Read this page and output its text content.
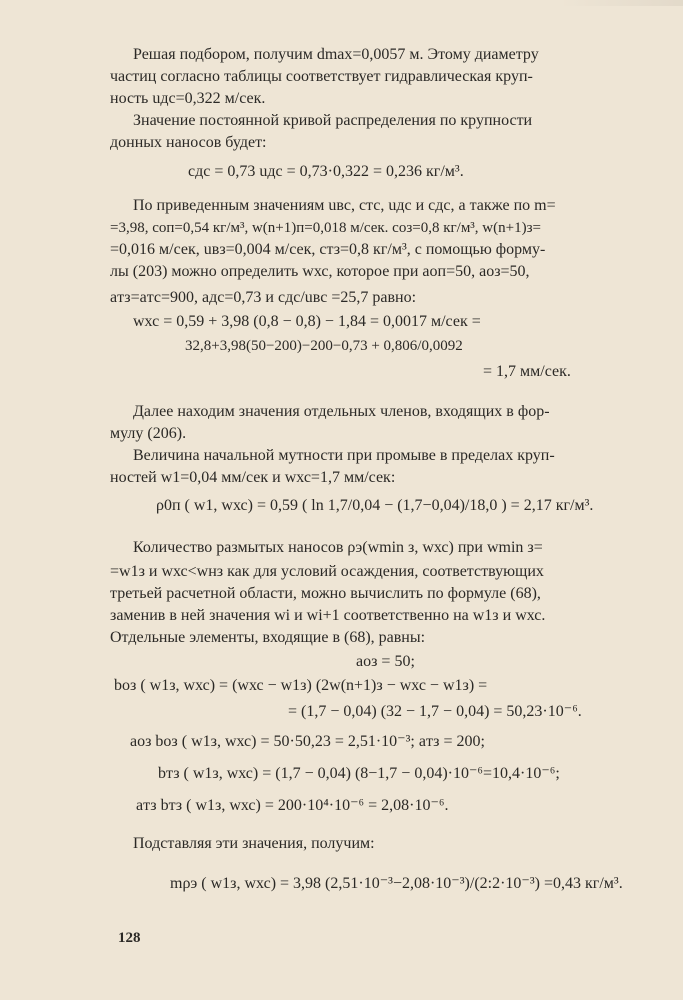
Решая подбором, получим dmax=0,0057 м. Этому диаметру
частиц согласно таблицы соответствует гидравлическая круп-
ность uдс=0,322 м/сек.
Значение постоянной кривой распределения по крупности
донных наносов будет:
cдс = 0,73 uдс = 0,73·0,322 = 0,236 кг/м³.
По приведенным значениям uвс, cтс, uдс и cдс, а также по m=
=3,98, cоп=0,54 кг/м³, w(n+1)п=0,018 м/сек. cоз=0,8 кг/м³, w(n+1)з=
=0,016 м/сек, uвз=0,004 м/сек, cтз=0,8 кг/м³, с помощью форму-
лы (203) можно определить wхс, которое при aоп=50, aоз=50,
aтз=aтс=900, aдс=0,73 и cдс/uвс =25,7 равно:
wхс = 0,59 + 3,98 (0,8 − 0,8) − 1,84 = 0,0017 м/сек =
32,8+3,98(50−200)−200−0,73 + 0,806/0,0092
= 1,7 мм/сек.
Далее находим значения отдельных членов, входящих в фор-
мулу (206).
Величина начальной мутности при промыве в пределах круп-
ностей w1=0,04 мм/сек и wхс=1,7 мм/сек:
ρ0п ( w1, wхс) = 0,59 ( ln 1,7/0,04 − (1,7−0,04)/18,0 ) = 2,17 кг/м³.
Количество размытых наносов ρэ(wmin з, wхс) при wmin з=
=w1з и wхс<wнз как для условий осаждения, соответствующих
третьей расчетной области, можно вычислить по формуле (68),
заменив в ней значения wi и wi+1 соответственно на w1з и wхс.
Отдельные элементы, входящие в (68), равны:
aоз = 50;
bоз ( w1з, wхс) = (wхс − w1з) (2w(n+1)з − wхс − w1з) =
= (1,7 − 0,04) (32 − 1,7 − 0,04) = 50,23·10⁻⁶.
aоз bоз ( w1з, wхс) = 50·50,23 = 2,51·10⁻³; aтз = 200;
bтз ( w1з, wхс) = (1,7 − 0,04) (8−1,7 − 0,04)·10⁻⁶=10,4·10⁻⁶;
aтз bтз ( w1з, wхс) = 200·10⁴·10⁻⁶ = 2,08·10⁻⁶.
Подставляя эти значения, получим:
mρэ ( w1з, wхс) = 3,98 (2,51·10⁻³−2,08·10⁻³)/(2:2·10⁻³) =0,43 кг/м³.
128
